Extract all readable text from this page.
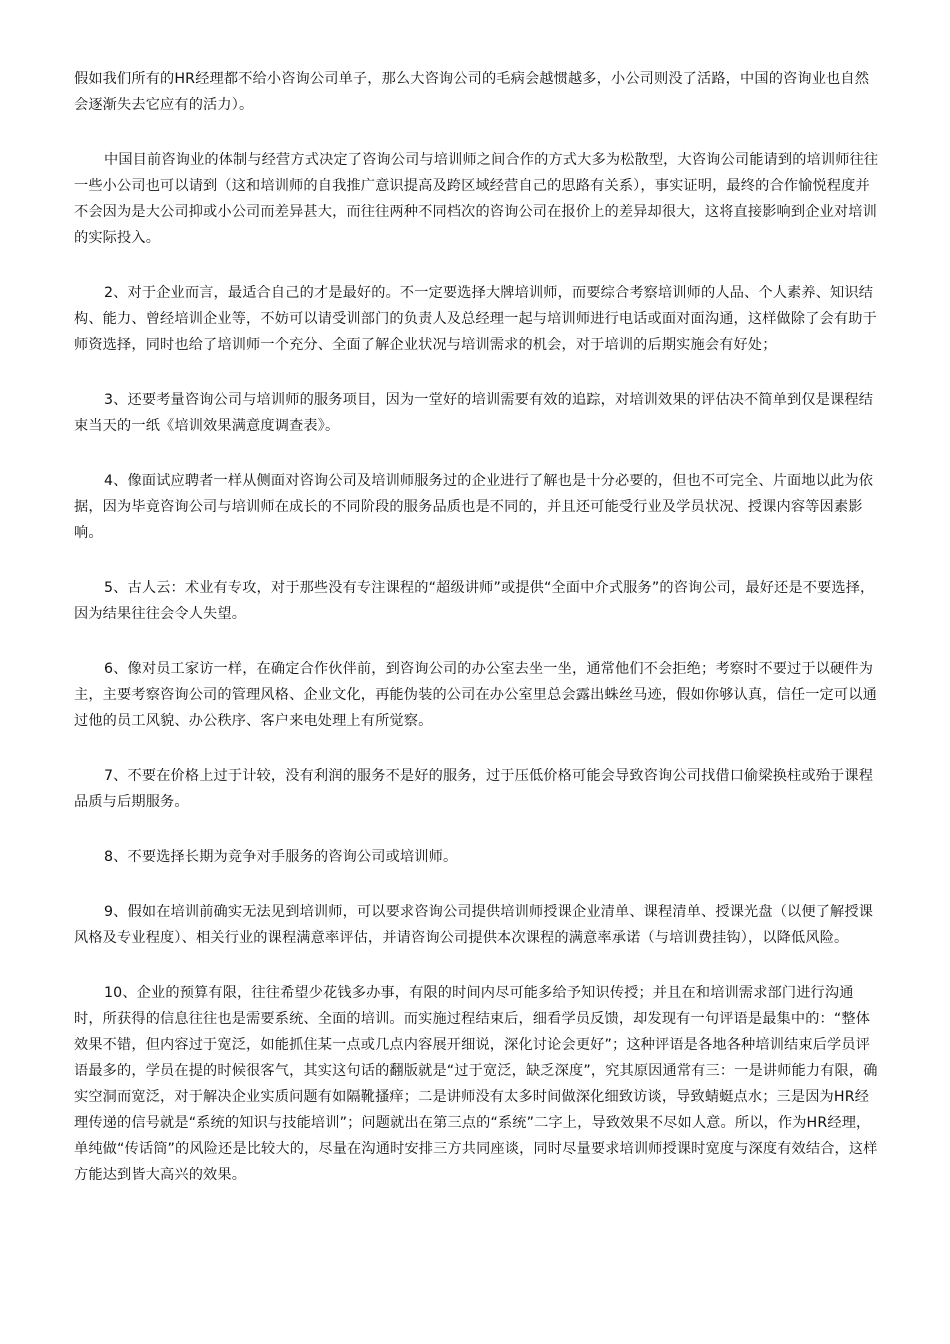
假如我们所有的HR经理都不给小咨询公司单子，那么大咨询公司的毛病会越惯越多，小公司则没了活路，中国的咨询业也自然会逐渐失去它应有的活力）。

中国目前咨询业的体制与经营方式决定了咨询公司与培训师之间合作的方式大多为松散型，大咨询公司能请到的培训师往往一些小公司也可以请到（这和培训师的自我推广意识提高及跨区域经营自己的思路有关系），事实证明，最终的合作愉悦程度并不会因为是大公司抑或小公司而差异甚大，而往往两种不同档次的咨询公司在报价上的差异却很大，这将直接影响到企业对培训的实际投入。

2、对于企业而言，最适合自己的才是最好的。不一定要选择大牌培训师，而要综合考察培训师的人品、个人素养、知识结构、能力、曾经培训企业等，不妨可以请受训部门的负责人及总经理一起与培训师进行电话或面对面沟通，这样做除了会有助于师资选择，同时也给了培训师一个充分、全面了解企业状况与培训需求的机会，对于培训的后期实施会有好处；

3、还要考量咨询公司与培训师的服务项目，因为一堂好的培训需要有效的追踪，对培训效果的评估决不简单到仅是课程结束当天的一纸《培训效果满意度调查表》。

4、像面试应聘者一样从侧面对咨询公司及培训师服务过的企业进行了解也是十分必要的，但也不可完全、片面地以此为依据，因为毕竟咨询公司与培训师在成长的不同阶段的服务品质也是不同的，并且还可能受行业及学员状况、授课内容等因素影响。

5、古人云：术业有专攻，对于那些没有专注课程的“超级讲师”或提供“全面中介式服务”的咨询公司，最好还是不要选择，因为结果往往会令人失望。

6、像对员工家访一样，在确定合作伙伴前，到咨询公司的办公室去坐一坐，通常他们不会拒绝；考察时不要过于以硬件为主，主要考察咨询公司的管理风格、企业文化，再能伪装的公司在办公室里总会露出蛛丝马迹，假如你够认真，信任一定可以通过他的员工风貌、办公秩序、客户来电处理上有所觉察。

7、不要在价格上过于计较，没有利润的服务不是好的服务，过于压低价格可能会导致咨询公司找借口偷梁换柱或殆于课程品质与后期服务。

8、不要选择长期为竞争对手服务的咨询公司或培训师。

9、假如在培训前确实无法见到培训师，可以要求咨询公司提供培训师授课企业清单、课程清单、授课光盘（以便了解授课风格及专业程度）、相关行业的课程满意率评估，并请咨询公司提供本次课程的满意率承诺（与培训费挂钩），以降低风险。

10、企业的预算有限，往往希望少花钱多办事，有限的时间内尽可能多给予知识传授；并且在和培训需求部门进行沟通时，所获得的信息往往也是需要系统、全面的培训。而实施过程结束后，细看学员反馈，却发现有一句评语是最集中的：“整体效果不错，但内容过于宽泛，如能抓住某一点或几点内容展开细说，深化讨论会更好”；这种评语是各地各种培训结束后学员评语最多的，学员在提的时候很客气，其实这句话的翻版就是“过于宽泛，缺乏深度”，究其原因通常有三：一是讲师能力有限，确实空洞而宽泛，对于解决企业实质问题有如隔靴搔痒；二是讲师没有太多时间做深化细致访谈，导致蜻蜓点水；三是因为HR经理传递的信号就是“系统的知识与技能培训”；问题就出在第三点的“系统”二字上，导致效果不尽如人意。所以，作为HR经理，单纯做“传话筒”的风险还是比较大的，尽量在沟通时安排三方共同座谈，同时尽量要求培训师授课时宽度与深度有效结合，这样方能达到皆大高兴的效果。
